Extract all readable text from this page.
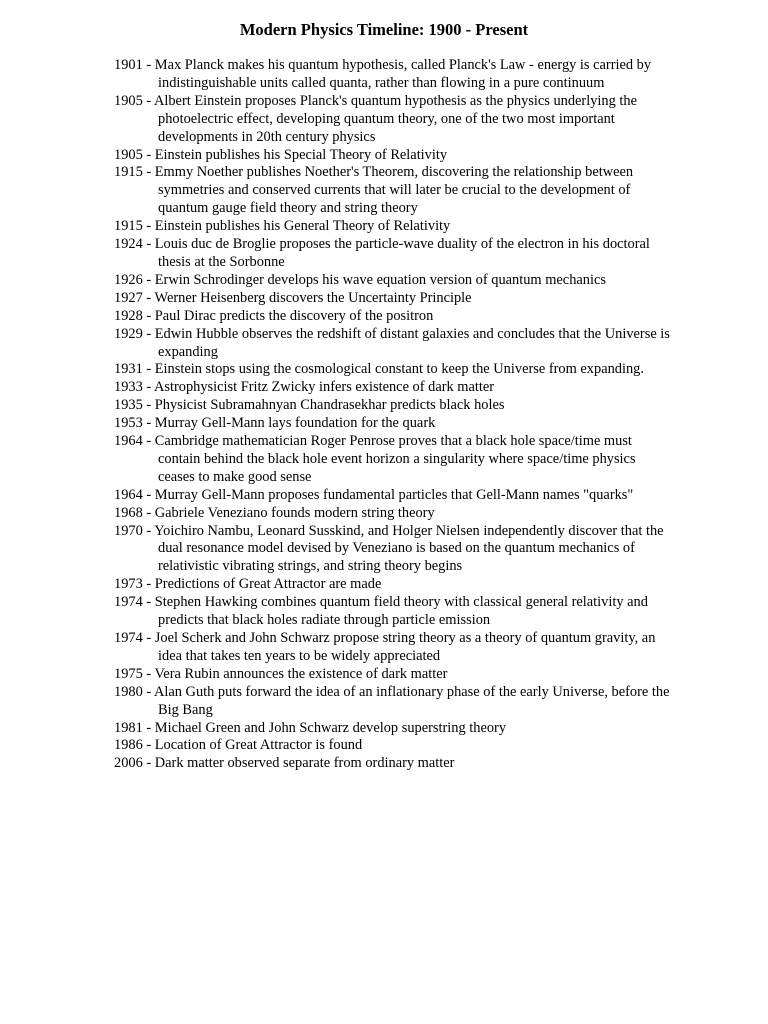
Modern Physics Timeline: 1900 - Present
1901 - Max Planck makes his quantum hypothesis, called Planck's Law - energy is carried by indistinguishable units called quanta, rather than flowing in a pure continuum
1905 - Albert Einstein proposes Planck's quantum hypothesis as the physics underlying the photoelectric effect, developing quantum theory, one of the two most important developments in 20th century physics
1905 - Einstein publishes his Special Theory of Relativity
1915 - Emmy Noether publishes Noether's Theorem, discovering the relationship between symmetries and conserved currents that will later be crucial to the development of quantum gauge field theory and string theory
1915 - Einstein publishes his General Theory of Relativity
1924 - Louis duc de Broglie proposes the particle-wave duality of the electron in his doctoral thesis at the Sorbonne
1926 - Erwin Schrodinger develops his wave equation version of quantum mechanics
1927 - Werner Heisenberg discovers the Uncertainty Principle
1928 - Paul Dirac predicts the discovery of the positron
1929 - Edwin Hubble observes the redshift of distant galaxies and concludes that the Universe is expanding
1931 - Einstein stops using the cosmological constant to keep the Universe from expanding.
1933 - Astrophysicist Fritz Zwicky infers existence of dark matter
1935 - Physicist Subramahnyan Chandrasekhar predicts black holes
1953 - Murray Gell-Mann lays foundation for the quark
1964 - Cambridge mathematician Roger Penrose proves that a black hole space/time must contain behind the black hole event horizon a singularity where space/time physics ceases to make good sense
1964 - Murray Gell-Mann proposes fundamental particles that Gell-Mann names "quarks"
1968 - Gabriele Veneziano founds modern string theory
1970 - Yoichiro Nambu, Leonard Susskind, and Holger Nielsen independently discover that the dual resonance model devised by Veneziano is based on the quantum mechanics of relativistic vibrating strings, and string theory begins
1973 - Predictions of Great Attractor are made
1974 - Stephen Hawking combines quantum field theory with classical general relativity and predicts that black holes radiate through particle emission
1974 - Joel Scherk and John Schwarz propose string theory as a theory of quantum gravity, an idea that takes ten years to be widely appreciated
1975 - Vera Rubin announces the existence of dark matter
1980 - Alan Guth puts forward the idea of an inflationary phase of the early Universe, before the Big Bang
1981 - Michael Green and John Schwarz develop superstring theory
1986 - Location of Great Attractor is found
2006 - Dark matter observed separate from ordinary matter
